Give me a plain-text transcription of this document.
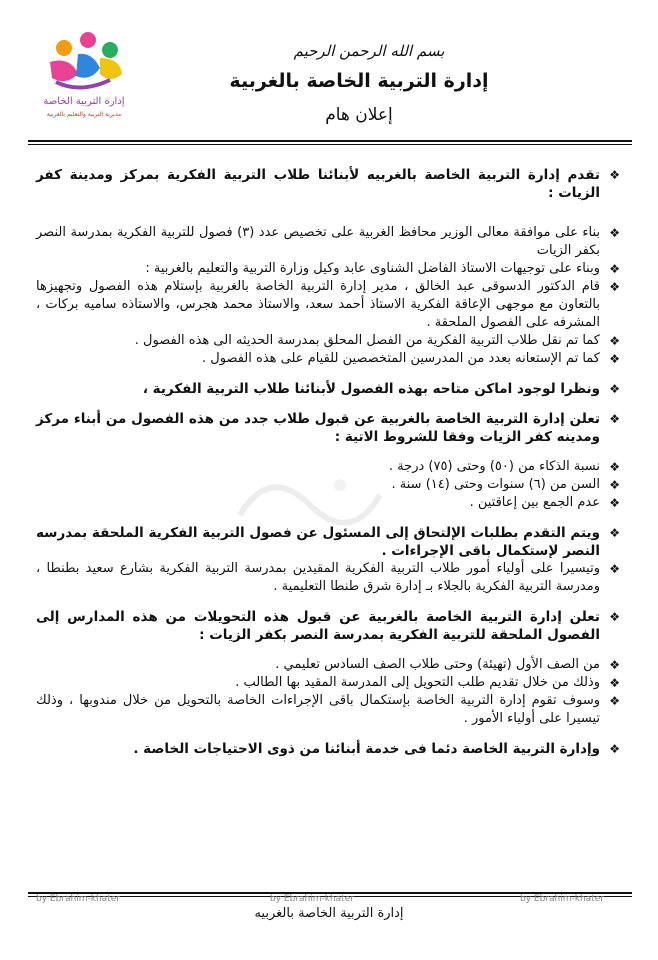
إدارة التربية الخاصة
مديرية التربية والتعليم بالغربية
بسم الله الرحمن الرحيم
إدارة التربية الخاصة بالغربية
إعلان هام

❖ تقدم إدارة التربية الخاصة بالغربيه لأبنائنا طلاب التربية الفكرية بمركز ومدينة كفر الزيات :

❖ بناء على موافقة معالى الوزير محافظ الغربية على تخصيص عدد (٣) فصول للتربية الفكرية بمدرسة النصر بكفر الزيات

❖ وبناء على توجيهات الاستاذ الفاضل الشناوى عابد وكيل وزارة التربية والتعليم بالغربية :

❖ قام الدكتور الدسوقى عبد الخالق ، مدير إدارة التربية الخاصة بالغربية بإستلام هذه الفصول وتجهيزها بالتعاون مع موجهى الإعاقة الفكرية الاستاذ أحمد سعد، والاستاذ محمد هجرس، والاستاذه ساميه بركات ، المشرفه على الفصول الملحقة .

❖ كما تم نقل طلاب التربية الفكرية من الفصل المحلق بمدرسة الحديثه الى هذه الفصول .

❖ كما تم الإستعانه بعدد من المدرسين المتخصصين للقيام على هذه الفصول .

❖ ونظرا لوجود اماكن متاحه بهذه الفصول لأبنائنا طلاب التربية الفكرية ،

❖ تعلن إدارة التربية الخاصة بالغربية عن قبول طلاب جدد من هذه الفصول من أبناء مركز ومدينه كفر الزيات وفقا للشروط الاتية :

❖ نسبة الذكاء من (٥٠) وحتى (٧٥) درجة .

❖ السن من (٦) سنوات وحتى (١٤) سنة .

❖ عدم الجمع بين إعاقتين .

❖ ويتم التقدم بطلبات الإلتحاق إلى المسئول عن فصول التربية الفكرية الملحقة بمدرسه النصر لإستكمال باقى الإجراءات .

❖ وتيسيرا على أولياء أمور طلاب التربية الفكرية المقيدين بمدرسة التربية الفكرية بشارع سعيد بطنطا ، ومدرسة التربية الفكرية بالجلاء بـ إدارة شرق طنطا التعليمية .

❖ تعلن إدارة التربية الخاصة بالغربية عن قبول هذه التحويلات من هذه المدارس إلى الفصول الملحقة للتربية الفكرية بمدرسة النصر بكفر الزيات :

❖ من الصف الأول (تهيئة) وحتى طلاب الصف السادس تعليمي .

❖ وذلك من خلال تقديم طلب التحويل إلى المدرسة المقيد بها الطالب .

❖ وسوف تقوم إدارة التربية الخاصة بإستكمال باقى الإجراءات الخاصة بالتحويل من خلال مندوبها ، وذلك تيسيرا على أولياء الأمور .

❖ وإدارة التربية الخاصة دئما فى خدمة أبنائنا من ذوى الاحتياجات الخاصة .

by Ebrahim-khater	by Ebrahim-khater	by Ebrahim-khater
إدارة التربية الخاصة بالغربيه
